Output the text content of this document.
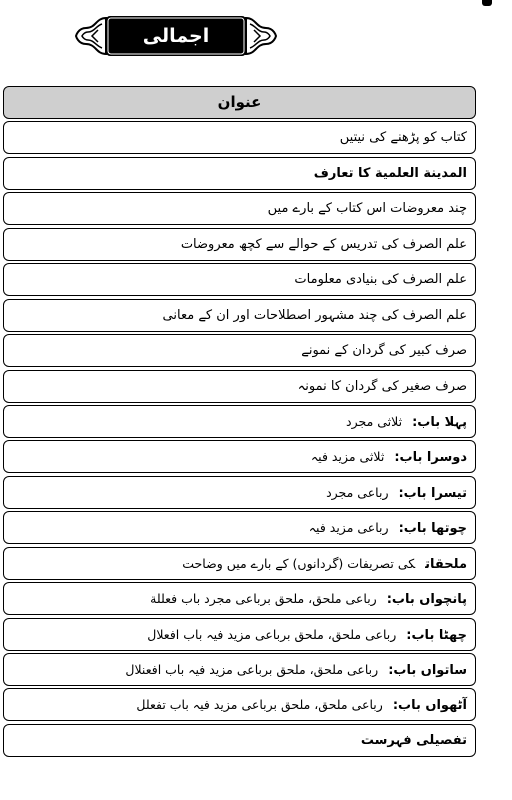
اجمالی فہرست
عنوان
کتاب کو پڑھنے کی نیتیں
المدینة العلمیة کا تعارف
چند معروضات اس کتاب کے بارے میں
علم الصرف کی تدریس کے حوالے سے کچھ معروضات
علم الصرف کی بنیادی معلومات
علم الصرف کی چند مشہور اصطلاحات اور ان کے معانی
صرف کبیر کی گردان کے نمونے
صرف صغیر کی گردان کا نمونہ
پہلا باب:ثلاثی مجرد
دوسرا باب:ثلاثی مزید فیہ
تیسرا باب:رباعی مجرد
چوتھا باب:رباعی مزید فیہ
ملحقاتکی تصریفات (گردانوں) کے بارے میں وضاحت
پانچواں باب:رباعی ملحق، ملحق برباعی مجرد باب فعللة
چھٹا باب:رباعی ملحق، ملحق برباعی مزید فیہ باب افعلال
ساتواں باب:رباعی ملحق، ملحق برباعی مزید فیہ باب افعنلال
آٹھواں باب:رباعی ملحق، ملحق برباعی مزید فیہ باب تفعلل
تفصیلی فہرست
